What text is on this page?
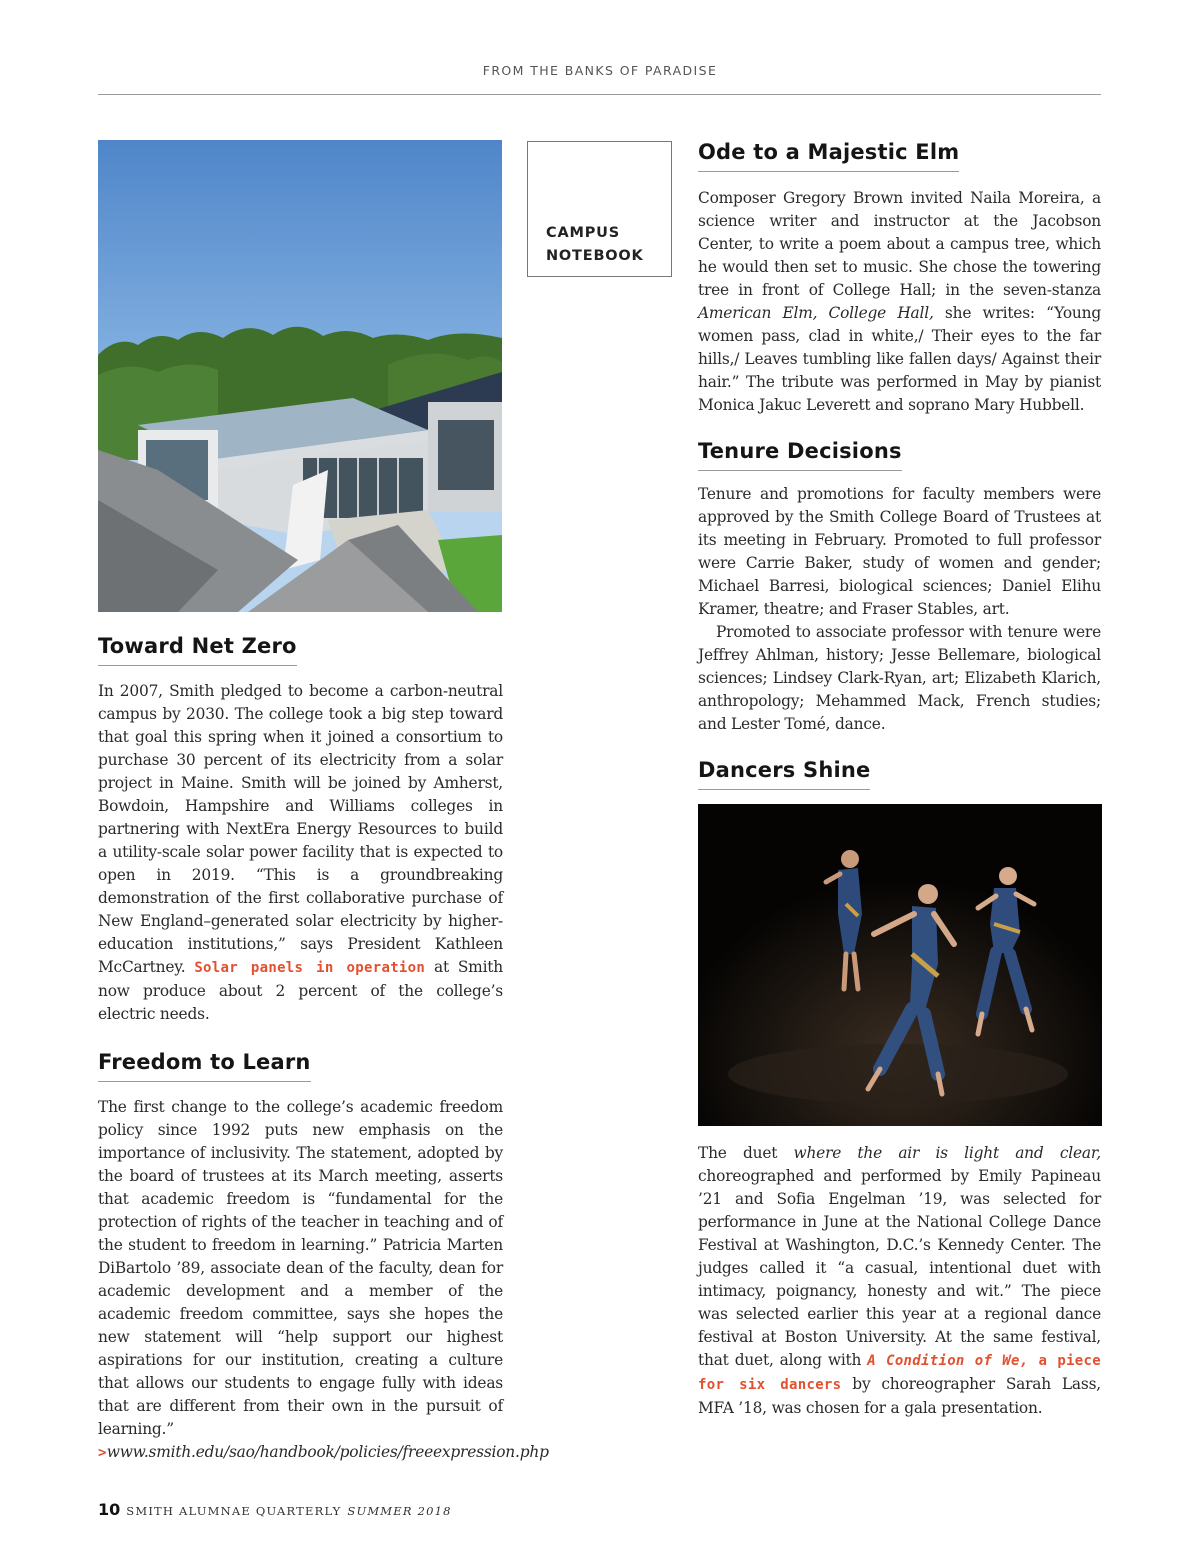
FROM THE BANKS OF PARADISE
Toward Net Zero

In 2007, Smith pledged to become a carbon-neutral campus by 2030. The college took a big step toward that goal this spring when it joined a consortium to purchase 30 percent of its electricity from a solar project in Maine. Smith will be joined by Amherst, Bowdoin, Hampshire and Williams colleges in partnering with NextEra Energy Resources to build a utility-scale solar power facility that is expected to open in 2019. “This is a groundbreaking demonstration of the first collaborative purchase of New England–generated solar electricity by higher-education institutions,” says President Kathleen McCartney. Solar panels in operation at Smith now produce about 2 percent of the college’s electric needs.

Freedom to Learn

The first change to the college’s academic freedom policy since 1992 puts new emphasis on the importance of inclusivity. The statement, adopted by the board of trustees at its March meeting, asserts that academic freedom is “fundamental for the protection of rights of the teacher in teaching and of the student to freedom in learning.” Patricia Marten DiBartolo ’89, associate dean of the faculty, dean for academic development and a member of the academic freedom committee, says she hopes the new statement will “help support our highest aspirations for our institution, creating a culture that allows our students to engage fully with ideas that are different from their own in the pursuit of learning.” >www.smith.edu/sao/handbook/policies/freeexpression.php

CAMPUS
NOTEBOOK
Ode to a Majestic Elm

Composer Gregory Brown invited Naila Moreira, a science writer and instructor at the Jacobson Center, to write a poem about a campus tree, which he would then set to music. She chose the towering tree in front of College Hall; in the seven-stanza American Elm, College Hall, she writes: “Young women pass, clad in white,/ Their eyes to the far hills,/ Leaves tumbling like fallen days/ Against their hair.” The tribute was performed in May by pianist Monica Jakuc Leverett and soprano Mary Hubbell.

Tenure Decisions

Tenure and promotions for faculty members were approved by the Smith College Board of Trustees at its meeting in February. Promoted to full professor were Carrie Baker, study of women and gender; Michael Barresi, biological sciences; Daniel Elihu Kramer, theatre; and Fraser Stables, art.

Promoted to associate professor with tenure were Jeffrey Ahlman, history; Jesse Bellemare, biological sciences; Lindsey Clark-Ryan, art; Elizabeth Klarich, anthropology; Mehammed Mack, French studies; and Lester Tomé, dance.

Dancers Shine

The duet where the air is light and clear, choreographed and performed by Emily Papineau ’21 and Sofia Engelman ’19, was selected for performance in June at the National College Dance Festival at Washington, D.C.’s Kennedy Center. The judges called it “a casual, intentional duet with intimacy, poignancy, honesty and wit.” The piece was selected earlier this year at a regional dance festival at Boston University. At the same festival, that duet, along with A Condition of We, a piece for six dancers by choreographer Sarah Lass, MFA ’18, was chosen for a gala presentation.

10 SMITH ALUMNAE QUARTERLY SUMMER 2018
